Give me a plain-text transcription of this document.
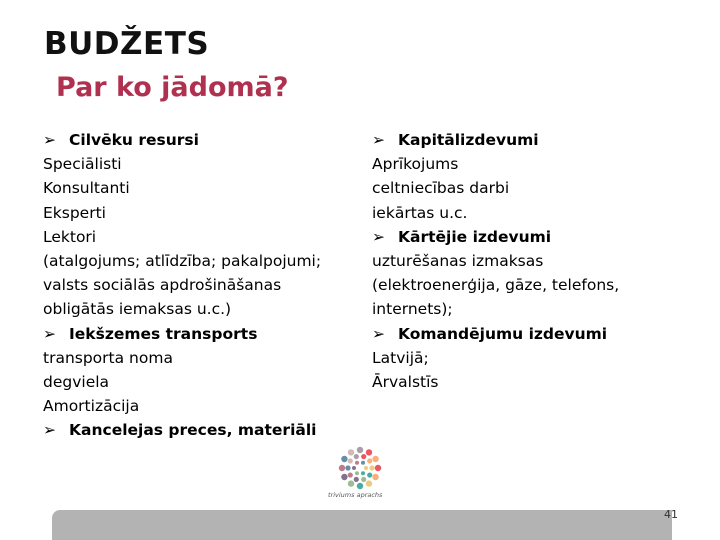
BUDŽETS
Par ko jādomā?
➢ Cilvēku resursi
Speciālisti
Konsultanti
Eksperti
Lektori
(atalgojums; atlīdzība; pakalpojumi;
valsts sociālās apdrošināšanas
obligātās iemaksas u.c.)
➢ Iekšzemes transports
transporta noma
degviela
Amortizācija
➢ Kancelejas preces, materiāli
➢ Kapitālizdevumi
Aprīkojums
celtniecības darbi
iekārtas u.c.
➢ Kārtējie izdevumi
uzturēšanas izmaksas
(elektroenerģija, gāze, telefons,
internets);
➢ Komandējumu izdevumi
Latvijā;
Ārvalstīs
triviums aprachs
41
